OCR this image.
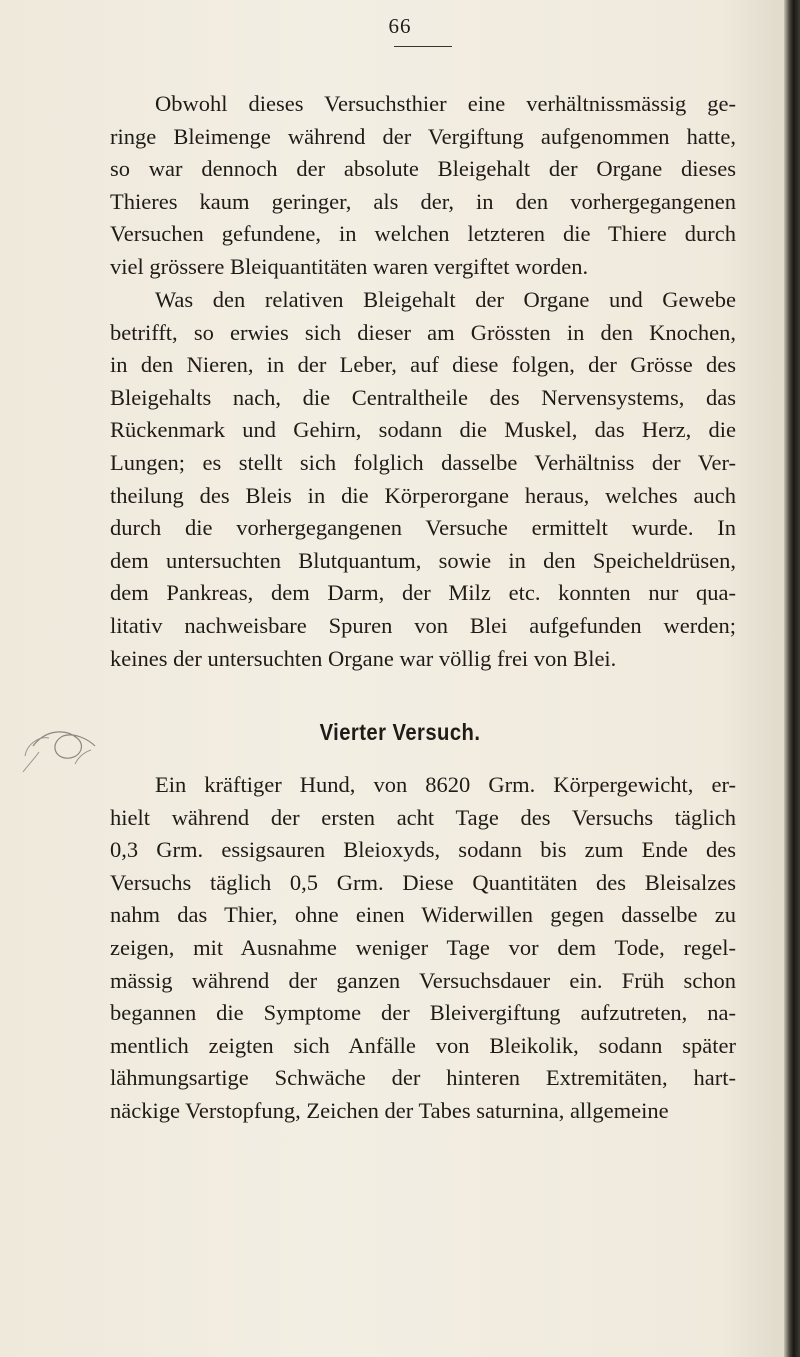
66
Obwohl dieses Versuchsthier eine verhältnissmässig ge-
ringe Bleimenge während der Vergiftung aufgenommen hatte,
so war dennoch der absolute Bleigehalt der Organe dieses
Thieres kaum geringer, als der, in den vorhergegangenen
Versuchen gefundene, in welchen letzteren die Thiere durch
viel grössere Bleiquantitäten waren vergiftet worden.
Was den relativen Bleigehalt der Organe und Gewebe
betrifft, so erwies sich dieser am Grössten in den Knochen,
in den Nieren, in der Leber, auf diese folgen, der Grösse des
Bleigehalts nach, die Centraltheile des Nervensystems, das
Rückenmark und Gehirn, sodann die Muskel, das Herz, die
Lungen; es stellt sich folglich dasselbe Verhältniss der Ver-
theilung des Bleis in die Körperorgane heraus, welches auch
durch die vorhergegangenen Versuche ermittelt wurde. In
dem untersuchten Blutquantum, sowie in den Speicheldrüsen,
dem Pankreas, dem Darm, der Milz etc. konnten nur qua-
litativ nachweisbare Spuren von Blei aufgefunden werden;
keines der untersuchten Organe war völlig frei von Blei.
Vierter Versuch.
Ein kräftiger Hund, von 8620 Grm. Körpergewicht, er-
hielt während der ersten acht Tage des Versuchs täglich
0,3 Grm. essigsauren Bleioxyds, sodann bis zum Ende des
Versuchs täglich 0,5 Grm. Diese Quantitäten des Bleisalzes
nahm das Thier, ohne einen Widerwillen gegen dasselbe zu
zeigen, mit Ausnahme weniger Tage vor dem Tode, regel-
mässig während der ganzen Versuchsdauer ein. Früh schon
begannen die Symptome der Bleivergiftung aufzutreten, na-
mentlich zeigten sich Anfälle von Bleikolik, sodann später
lähmungsartige Schwäche der hinteren Extremitäten, hart-
näckige Verstopfung, Zeichen der Tabes saturnina, allgemeine
